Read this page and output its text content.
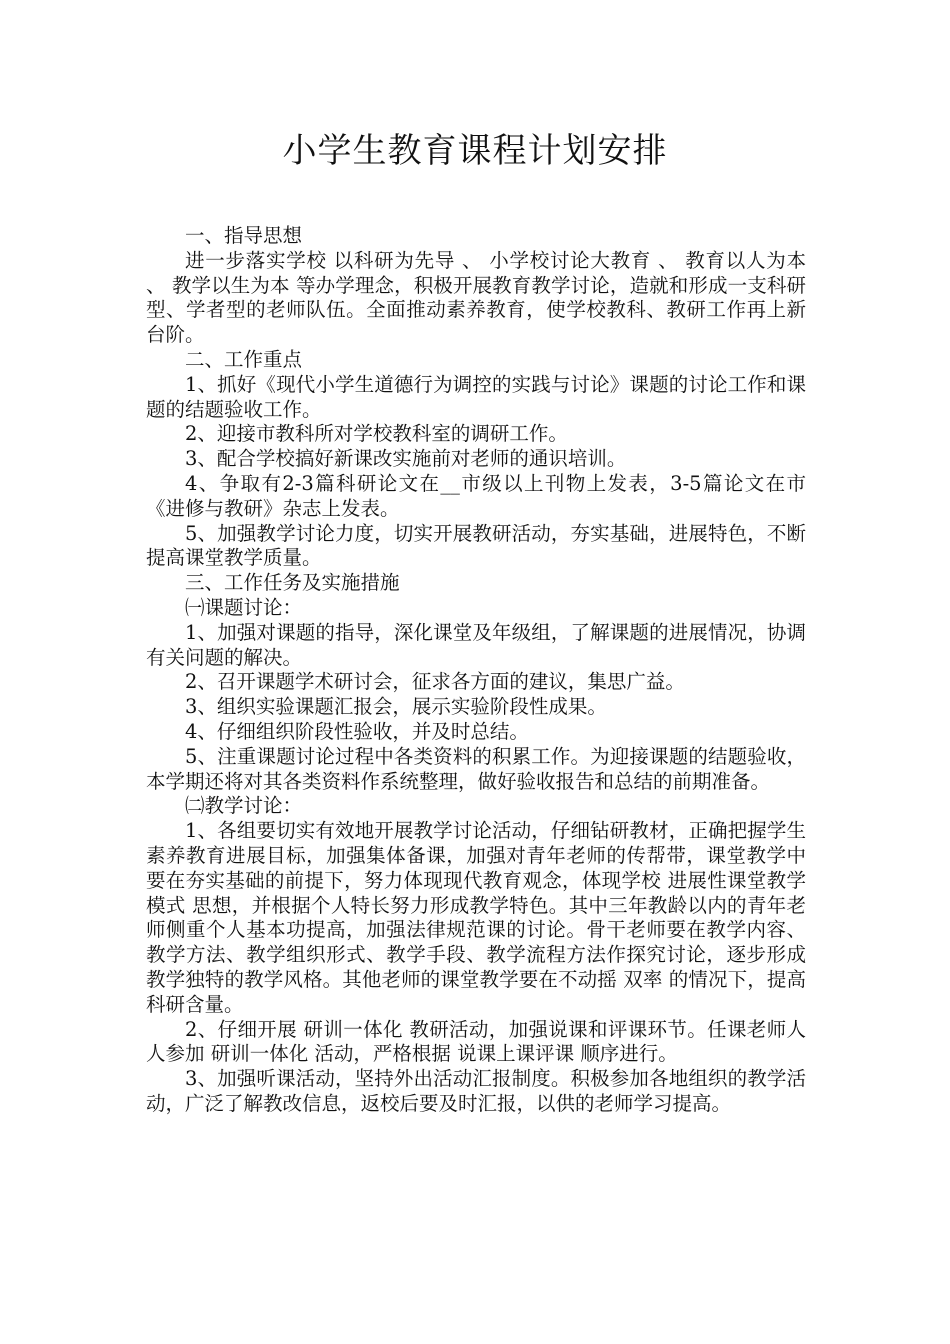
小学生教育课程计划安排

一、指导思想

进一步落实学校 以科研为先导 、 小学校讨论大教育 、 教育以人为本 、 教学以生为本 等办学理念，积极开展教育教学讨论，造就和形成一支科研型、学者型的老师队伍。全面推动素养教育，使学校教科、教研工作再上新台阶。

二、工作重点

1、抓好《现代小学生道德行为调控的实践与讨论》课题的讨论工作和课题的结题验收工作。

2、迎接市教科所对学校教科室的调研工作。

3、配合学校搞好新课改实施前对老师的通识培训。

4、争取有2-3篇科研论文在__市级以上刊物上发表，3-5篇论文在市《进修与教研》杂志上发表。

5、加强教学讨论力度，切实开展教研活动，夯实基础，进展特色，不断提高课堂教学质量。

三、工作任务及实施措施

㈠课题讨论：

1、加强对课题的指导，深化课堂及年级组，了解课题的进展情况，协调有关问题的解决。

2、召开课题学术研讨会，征求各方面的建议，集思广益。

3、组织实验课题汇报会，展示实验阶段性成果。

4、仔细组织阶段性验收，并及时总结。

5、注重课题讨论过程中各类资料的积累工作。为迎接课题的结题验收，本学期还将对其各类资料作系统整理，做好验收报告和总结的前期准备。

㈡教学讨论：

1、各组要切实有效地开展教学讨论活动，仔细钻研教材，正确把握学生素养教育进展目标，加强集体备课，加强对青年老师的传帮带，课堂教学中要在夯实基础的前提下，努力体现现代教育观念，体现学校 进展性课堂教学模式 思想，并根据个人特长努力形成教学特色。其中三年教龄以内的青年老师侧重个人基本功提高，加强法律规范课的讨论。骨干老师要在教学内容、教学方法、教学组织形式、教学手段、教学流程方法作探究讨论，逐步形成教学独特的教学风格。其他老师的课堂教学要在不动摇 双率 的情况下，提高科研含量。

2、仔细开展 研训一体化 教研活动，加强说课和评课环节。任课老师人人参加 研训一体化 活动，严格根据 说课上课评课 顺序进行。

3、加强听课活动，坚持外出活动汇报制度。积极参加各地组织的教学活动，广泛了解教改信息，返校后要及时汇报，以供的老师学习提高。
